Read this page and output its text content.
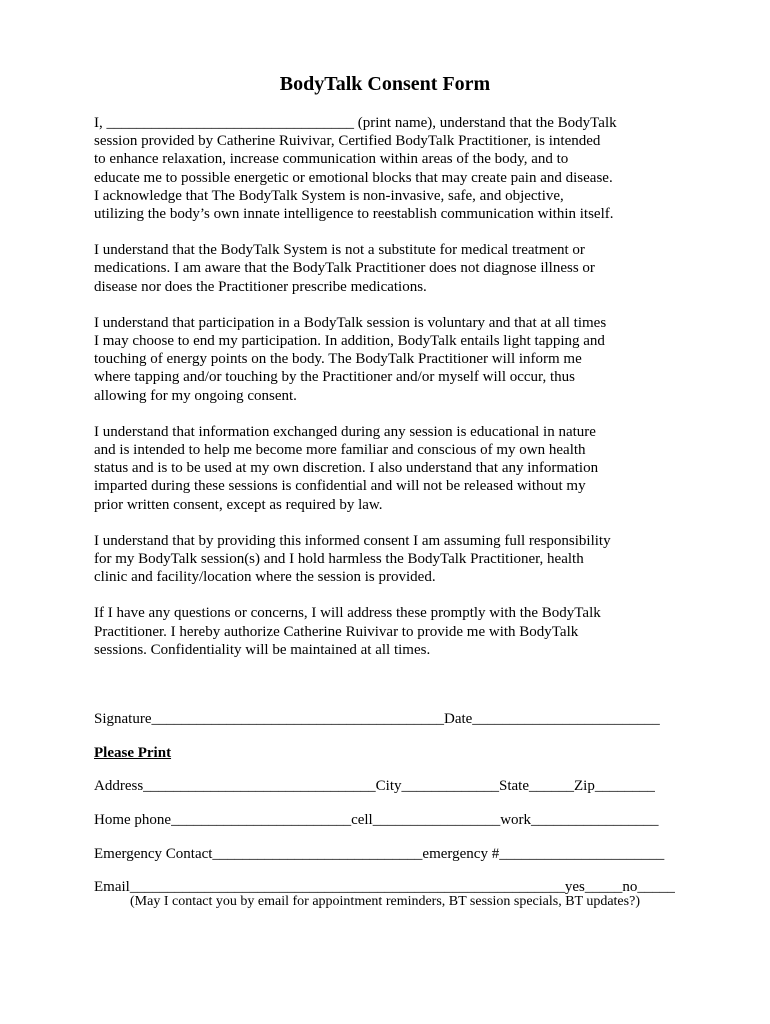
BodyTalk Consent Form

I, _________________________________ (print name), understand that the BodyTalk
session provided by Catherine Ruivivar, Certified BodyTalk Practitioner, is intended
to enhance relaxation, increase communication within areas of the body, and to
educate me to possible energetic or emotional blocks that may create pain and disease.
I acknowledge that The BodyTalk System is non-invasive, safe, and objective,
utilizing the body’s own innate intelligence to reestablish communication within itself.

I understand that the BodyTalk System is not a substitute for medical treatment or
medications. I am aware that the BodyTalk Practitioner does not diagnose illness or
disease nor does the Practitioner prescribe medications.

I understand that participation in a BodyTalk session is voluntary and that at all times
I may choose to end my participation. In addition, BodyTalk entails light tapping and
touching of energy points on the body. The BodyTalk Practitioner will inform me
where tapping and/or touching by the Practitioner and/or myself will occur, thus
allowing for my ongoing consent.

I understand that information exchanged during any session is educational in nature
and is intended to help me become more familiar and conscious of my own health
status and is to be used at my own discretion. I also understand that any information
imparted during these sessions is confidential and will not be released without my
prior written consent, except as required by law.

I understand that by providing this informed consent I am assuming full responsibility
for my BodyTalk session(s) and I hold harmless the BodyTalk Practitioner, health
clinic and facility/location where the session is provided.

If I have any questions or concerns, I will address these promptly with the BodyTalk
Practitioner. I hereby authorize Catherine Ruivivar to provide me with BodyTalk
sessions. Confidentiality will be maintained at all times.

Signature_______________________________________Date_________________________
Please Print
Address_______________________________City_____________State______Zip________
Home phone________________________cell_________________work_________________
Emergency Contact____________________________emergency #______________________
Email__________________________________________________________yes_____no_____
(May I contact you by email for appointment reminders, BT session specials, BT updates?)
